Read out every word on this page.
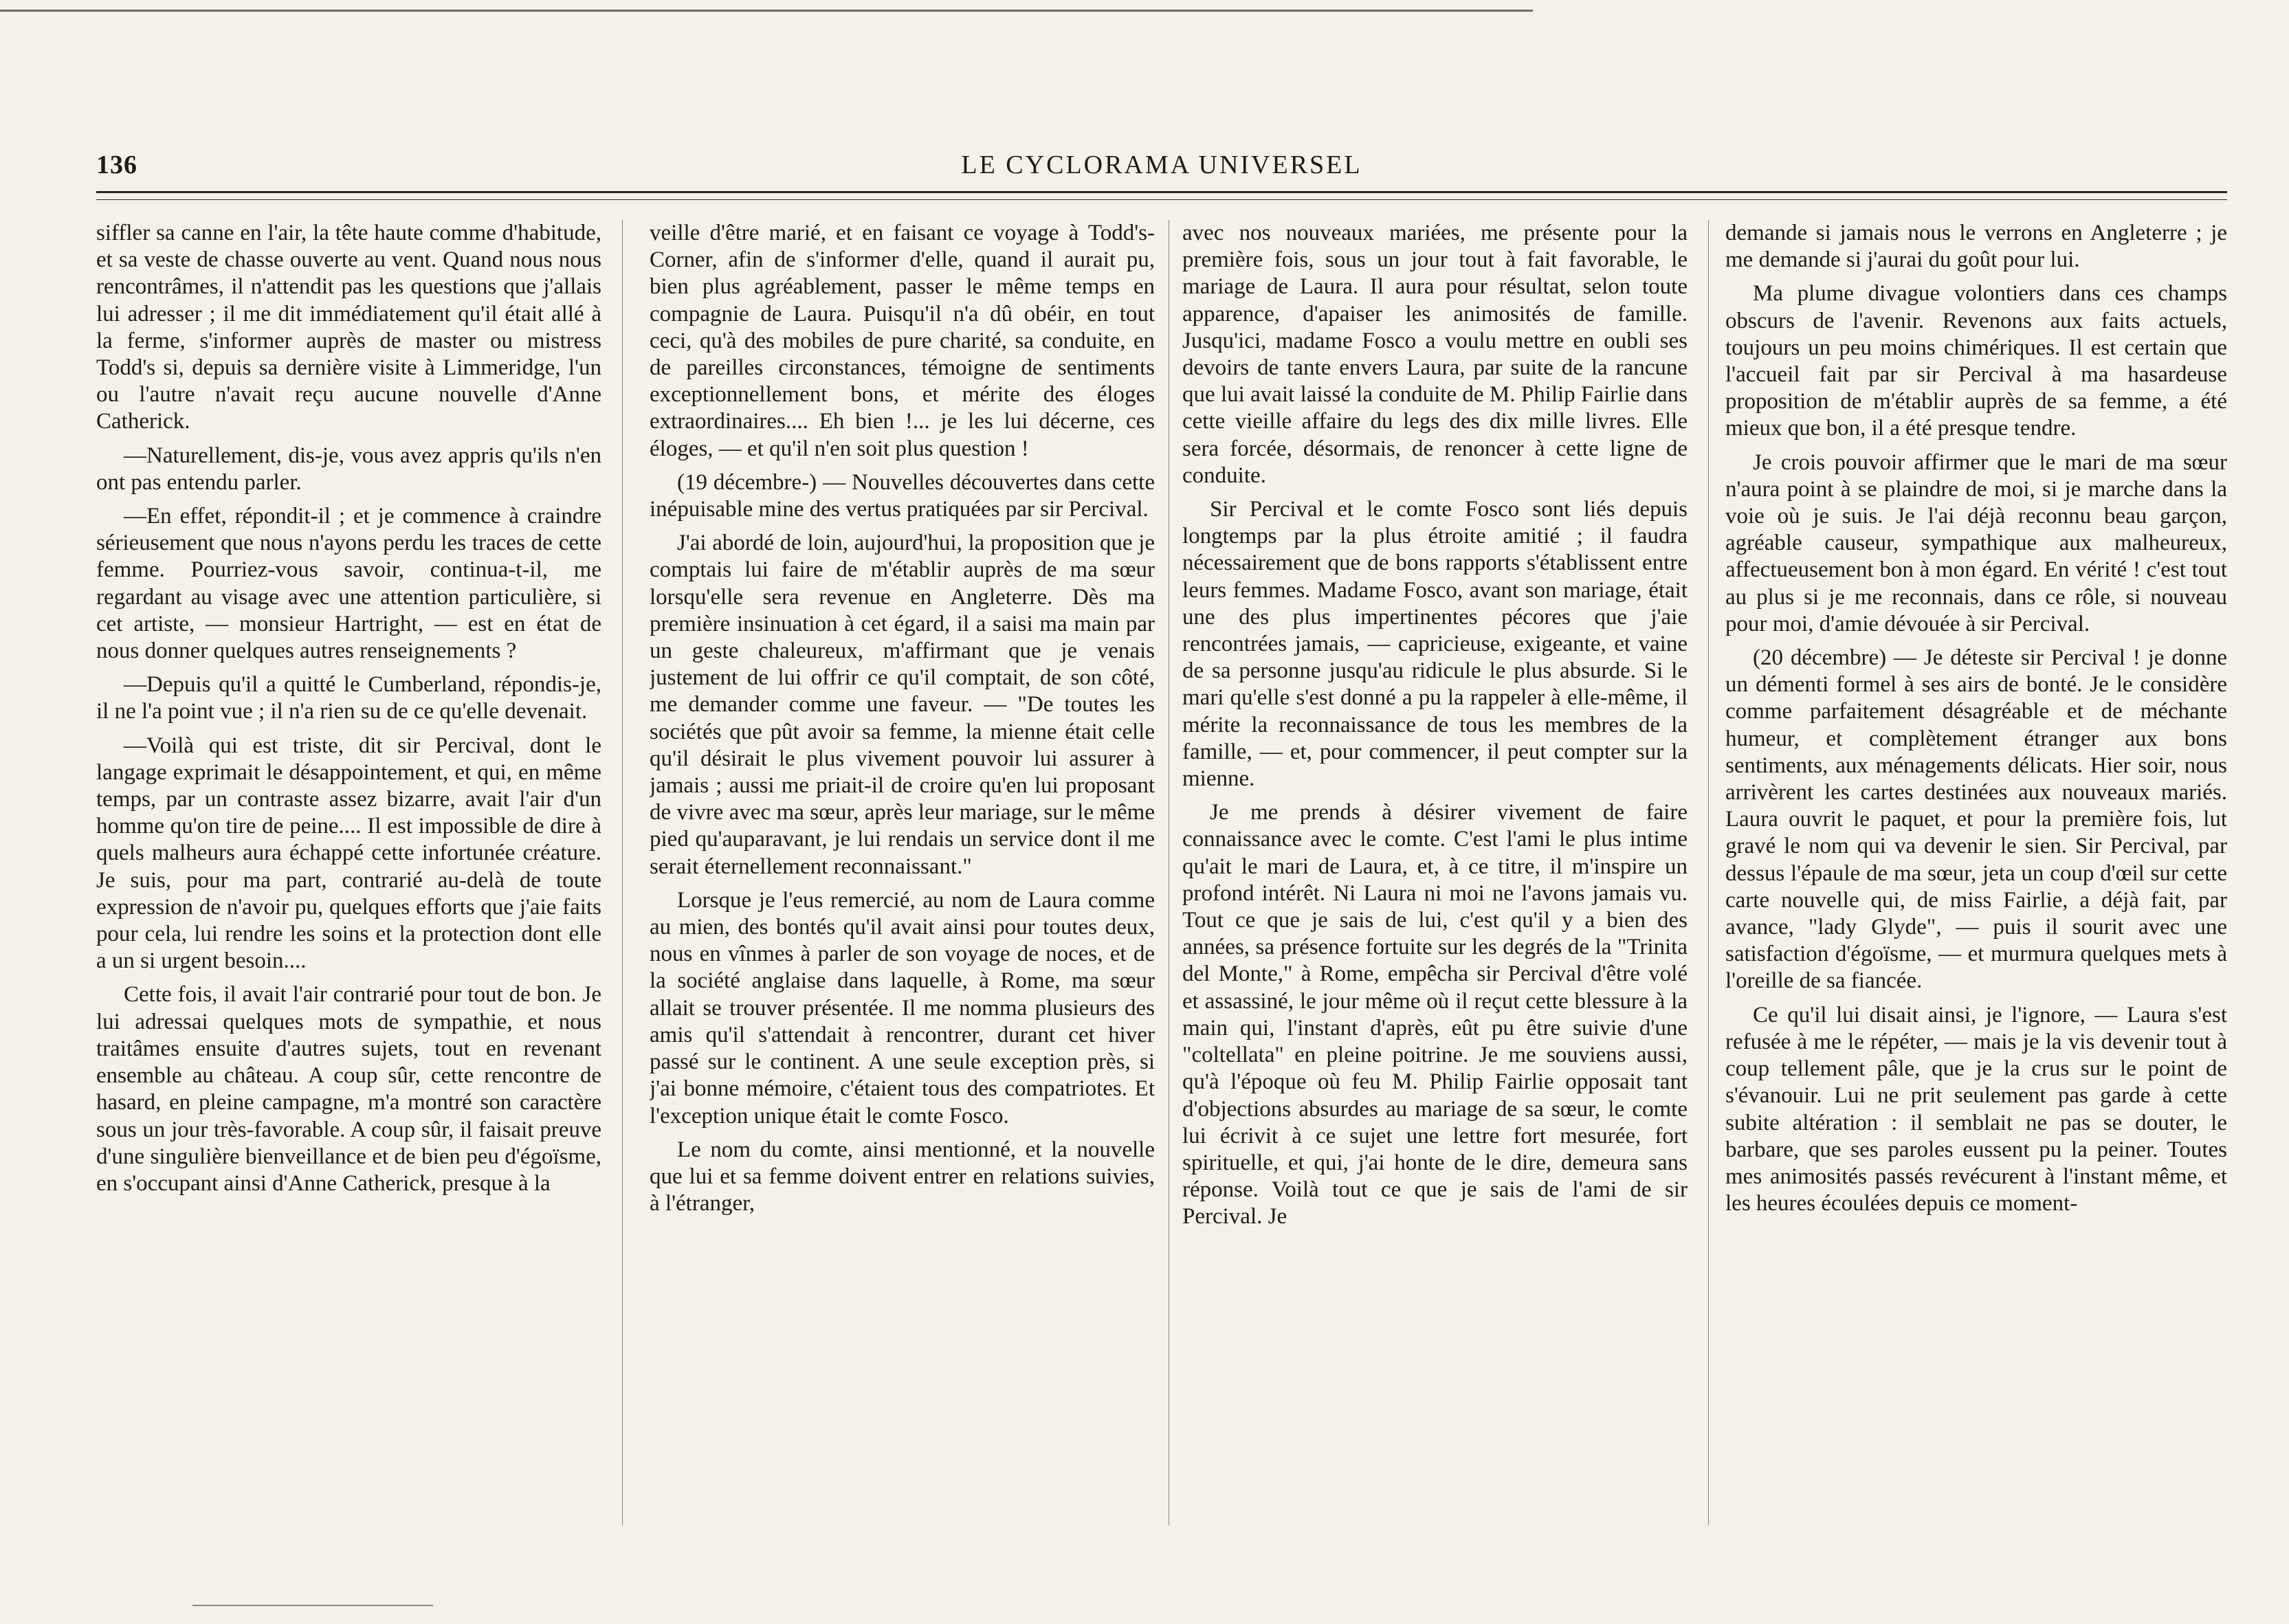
LE CYCLORAMA UNIVERSEL
136

siffler sa canne en l'air, la tête haute comme d'habitude, et sa veste de chasse ouverte au vent. Quand nous nous rencontrâmes, il n'attendit pas les questions que j'allais lui adresser ; il me dit immédiatement qu'il était allé à la ferme, s'informer auprès de master ou mistress Todd's si, depuis sa dernière visite à Limmeridge, l'un ou l'autre n'avait reçu aucune nouvelle d'Anne Catherick.

—Naturellement, dis-je, vous avez appris qu'ils n'en ont pas entendu parler.

—En effet, répondit-il ; et je commence à craindre sérieusement que nous n'ayons perdu les traces de cette femme. Pourriez-vous savoir, continua-t-il, me regardant au visage avec une attention particulière, si cet artiste, — monsieur Hartright, — est en état de nous donner quelques autres renseignements ?

—Depuis qu'il a quitté le Cumberland, répondis-je, il ne l'a point vue ; il n'a rien su de ce qu'elle devenait.

—Voilà qui est triste, dit sir Percival, dont le langage exprimait le désappointement, et qui, en même temps, par un contraste assez bizarre, avait l'air d'un homme qu'on tire de peine.... Il est impossible de dire à quels malheurs aura échappé cette infortunée créature. Je suis, pour ma part, contrarié au-delà de toute expression de n'avoir pu, quelques efforts que j'aie faits pour cela, lui rendre les soins et la protection dont elle a un si urgent besoin....

Cette fois, il avait l'air contrarié pour tout de bon. Je lui adressai quelques mots de sympathie, et nous traitâmes ensuite d'autres sujets, tout en revenant ensemble au château. A coup sûr, cette rencontre de hasard, en pleine campagne, m'a montré son caractère sous un jour très-favorable. A coup sûr, il faisait preuve d'une singulière bienveillance et de bien peu d'égoïsme, en s'occupant ainsi d'Anne Catherick, presque à la

veille d'être marié, et en faisant ce voyage à Todd's-Corner, afin de s'informer d'elle, quand il aurait pu, bien plus agréablement, passer le même temps en compagnie de Laura. Puisqu'il n'a dû obéir, en tout ceci, qu'à des mobiles de pure charité, sa conduite, en de pareilles circonstances, témoigne de sentiments exceptionnellement bons, et mérite des éloges extraordinaires.... Eh bien !... je les lui décerne, ces éloges, — et qu'il n'en soit plus question !

(19 décembre-) — Nouvelles découvertes dans cette inépuisable mine des vertus pratiquées par sir Percival.

J'ai abordé de loin, aujourd'hui, la proposition que je comptais lui faire de m'établir auprès de ma sœur lorsqu'elle sera revenue en Angleterre. Dès ma première insinuation à cet égard, il a saisi ma main par un geste chaleureux, m'affirmant que je venais justement de lui offrir ce qu'il comptait, de son côté, me demander comme une faveur. — "De toutes les sociétés que pût avoir sa femme, la mienne était celle qu'il désirait le plus vivement pouvoir lui assurer à jamais ; aussi me priait-il de croire qu'en lui proposant de vivre avec ma sœur, après leur mariage, sur le même pied qu'auparavant, je lui rendais un service dont il me serait éternellement reconnaissant."

Lorsque je l'eus remercié, au nom de Laura comme au mien, des bontés qu'il avait ainsi pour toutes deux, nous en vînmes à parler de son voyage de noces, et de la société anglaise dans laquelle, à Rome, ma sœur allait se trouver présentée. Il me nomma plusieurs des amis qu'il s'attendait à rencontrer, durant cet hiver passé sur le continent. A une seule exception près, si j'ai bonne mémoire, c'étaient tous des compatriotes. Et l'exception unique était le comte Fosco.

Le nom du comte, ainsi mentionné, et la nouvelle que lui et sa femme doivent entrer en relations suivies, à l'étranger,

avec nos nouveaux mariées, me présente pour la première fois, sous un jour tout à fait favorable, le mariage de Laura. Il aura pour résultat, selon toute apparence, d'apaiser les animosités de famille. Jusqu'ici, madame Fosco a voulu mettre en oubli ses devoirs de tante envers Laura, par suite de la rancune que lui avait laissé la conduite de M. Philip Fairlie dans cette vieille affaire du legs des dix mille livres. Elle sera forcée, désormais, de renoncer à cette ligne de conduite.

Sir Percival et le comte Fosco sont liés depuis longtemps par la plus étroite amitié ; il faudra nécessairement que de bons rapports s'établissent entre leurs femmes. Madame Fosco, avant son mariage, était une des plus impertinentes pécores que j'aie rencontrées jamais, — capricieuse, exigeante, et vaine de sa personne jusqu'au ridicule le plus absurde. Si le mari qu'elle s'est donné a pu la rappeler à elle-même, il mérite la reconnaissance de tous les membres de la famille, — et, pour commencer, il peut compter sur la mienne.

Je me prends à désirer vivement de faire connaissance avec le comte. C'est l'ami le plus intime qu'ait le mari de Laura, et, à ce titre, il m'inspire un profond intérêt. Ni Laura ni moi ne l'avons jamais vu. Tout ce que je sais de lui, c'est qu'il y a bien des années, sa présence fortuite sur les degrés de la "Trinita del Monte," à Rome, empêcha sir Percival d'être volé et assassiné, le jour même où il reçut cette blessure à la main qui, l'instant d'après, eût pu être suivie d'une "coltellata" en pleine poitrine. Je me souviens aussi, qu'à l'époque où feu M. Philip Fairlie opposait tant d'objections absurdes au mariage de sa sœur, le comte lui écrivit à ce sujet une lettre fort mesurée, fort spirituelle, et qui, j'ai honte de le dire, demeura sans réponse. Voilà tout ce que je sais de l'ami de sir Percival. Je

demande si jamais nous le verrons en Angleterre ; je me demande si j'aurai du goût pour lui.

Ma plume divague volontiers dans ces champs obscurs de l'avenir. Revenons aux faits actuels, toujours un peu moins chimériques. Il est certain que l'accueil fait par sir Percival à ma hasardeuse proposition de m'établir auprès de sa femme, a été mieux que bon, il a été presque tendre.

Je crois pouvoir affirmer que le mari de ma sœur n'aura point à se plaindre de moi, si je marche dans la voie où je suis. Je l'ai déjà reconnu beau garçon, agréable causeur, sympathique aux malheureux, affectueusement bon à mon égard. En vérité ! c'est tout au plus si je me reconnais, dans ce rôle, si nouveau pour moi, d'amie dévouée à sir Percival.

(20 décembre) — Je déteste sir Percival ! je donne un démenti formel à ses airs de bonté. Je le considère comme parfaitement désagréable et de méchante humeur, et complètement étranger aux bons sentiments, aux ménagements délicats. Hier soir, nous arrivèrent les cartes destinées aux nouveaux mariés. Laura ouvrit le paquet, et pour la première fois, lut gravé le nom qui va devenir le sien. Sir Percival, par dessus l'épaule de ma sœur, jeta un coup d'œil sur cette carte nouvelle qui, de miss Fairlie, a déjà fait, par avance, "lady Glyde", — puis il sourit avec une satisfaction d'égoïsme, — et murmura quelques mets à l'oreille de sa fiancée.

Ce qu'il lui disait ainsi, je l'ignore, — Laura s'est refusée à me le répéter, — mais je la vis devenir tout à coup tellement pâle, que je la crus sur le point de s'évanouir. Lui ne prit seulement pas garde à cette subite altération : il semblait ne pas se douter, le barbare, que ses paroles eussent pu la peiner. Toutes mes animosités passés revécurent à l'instant même, et les heures écoulées depuis ce moment-
